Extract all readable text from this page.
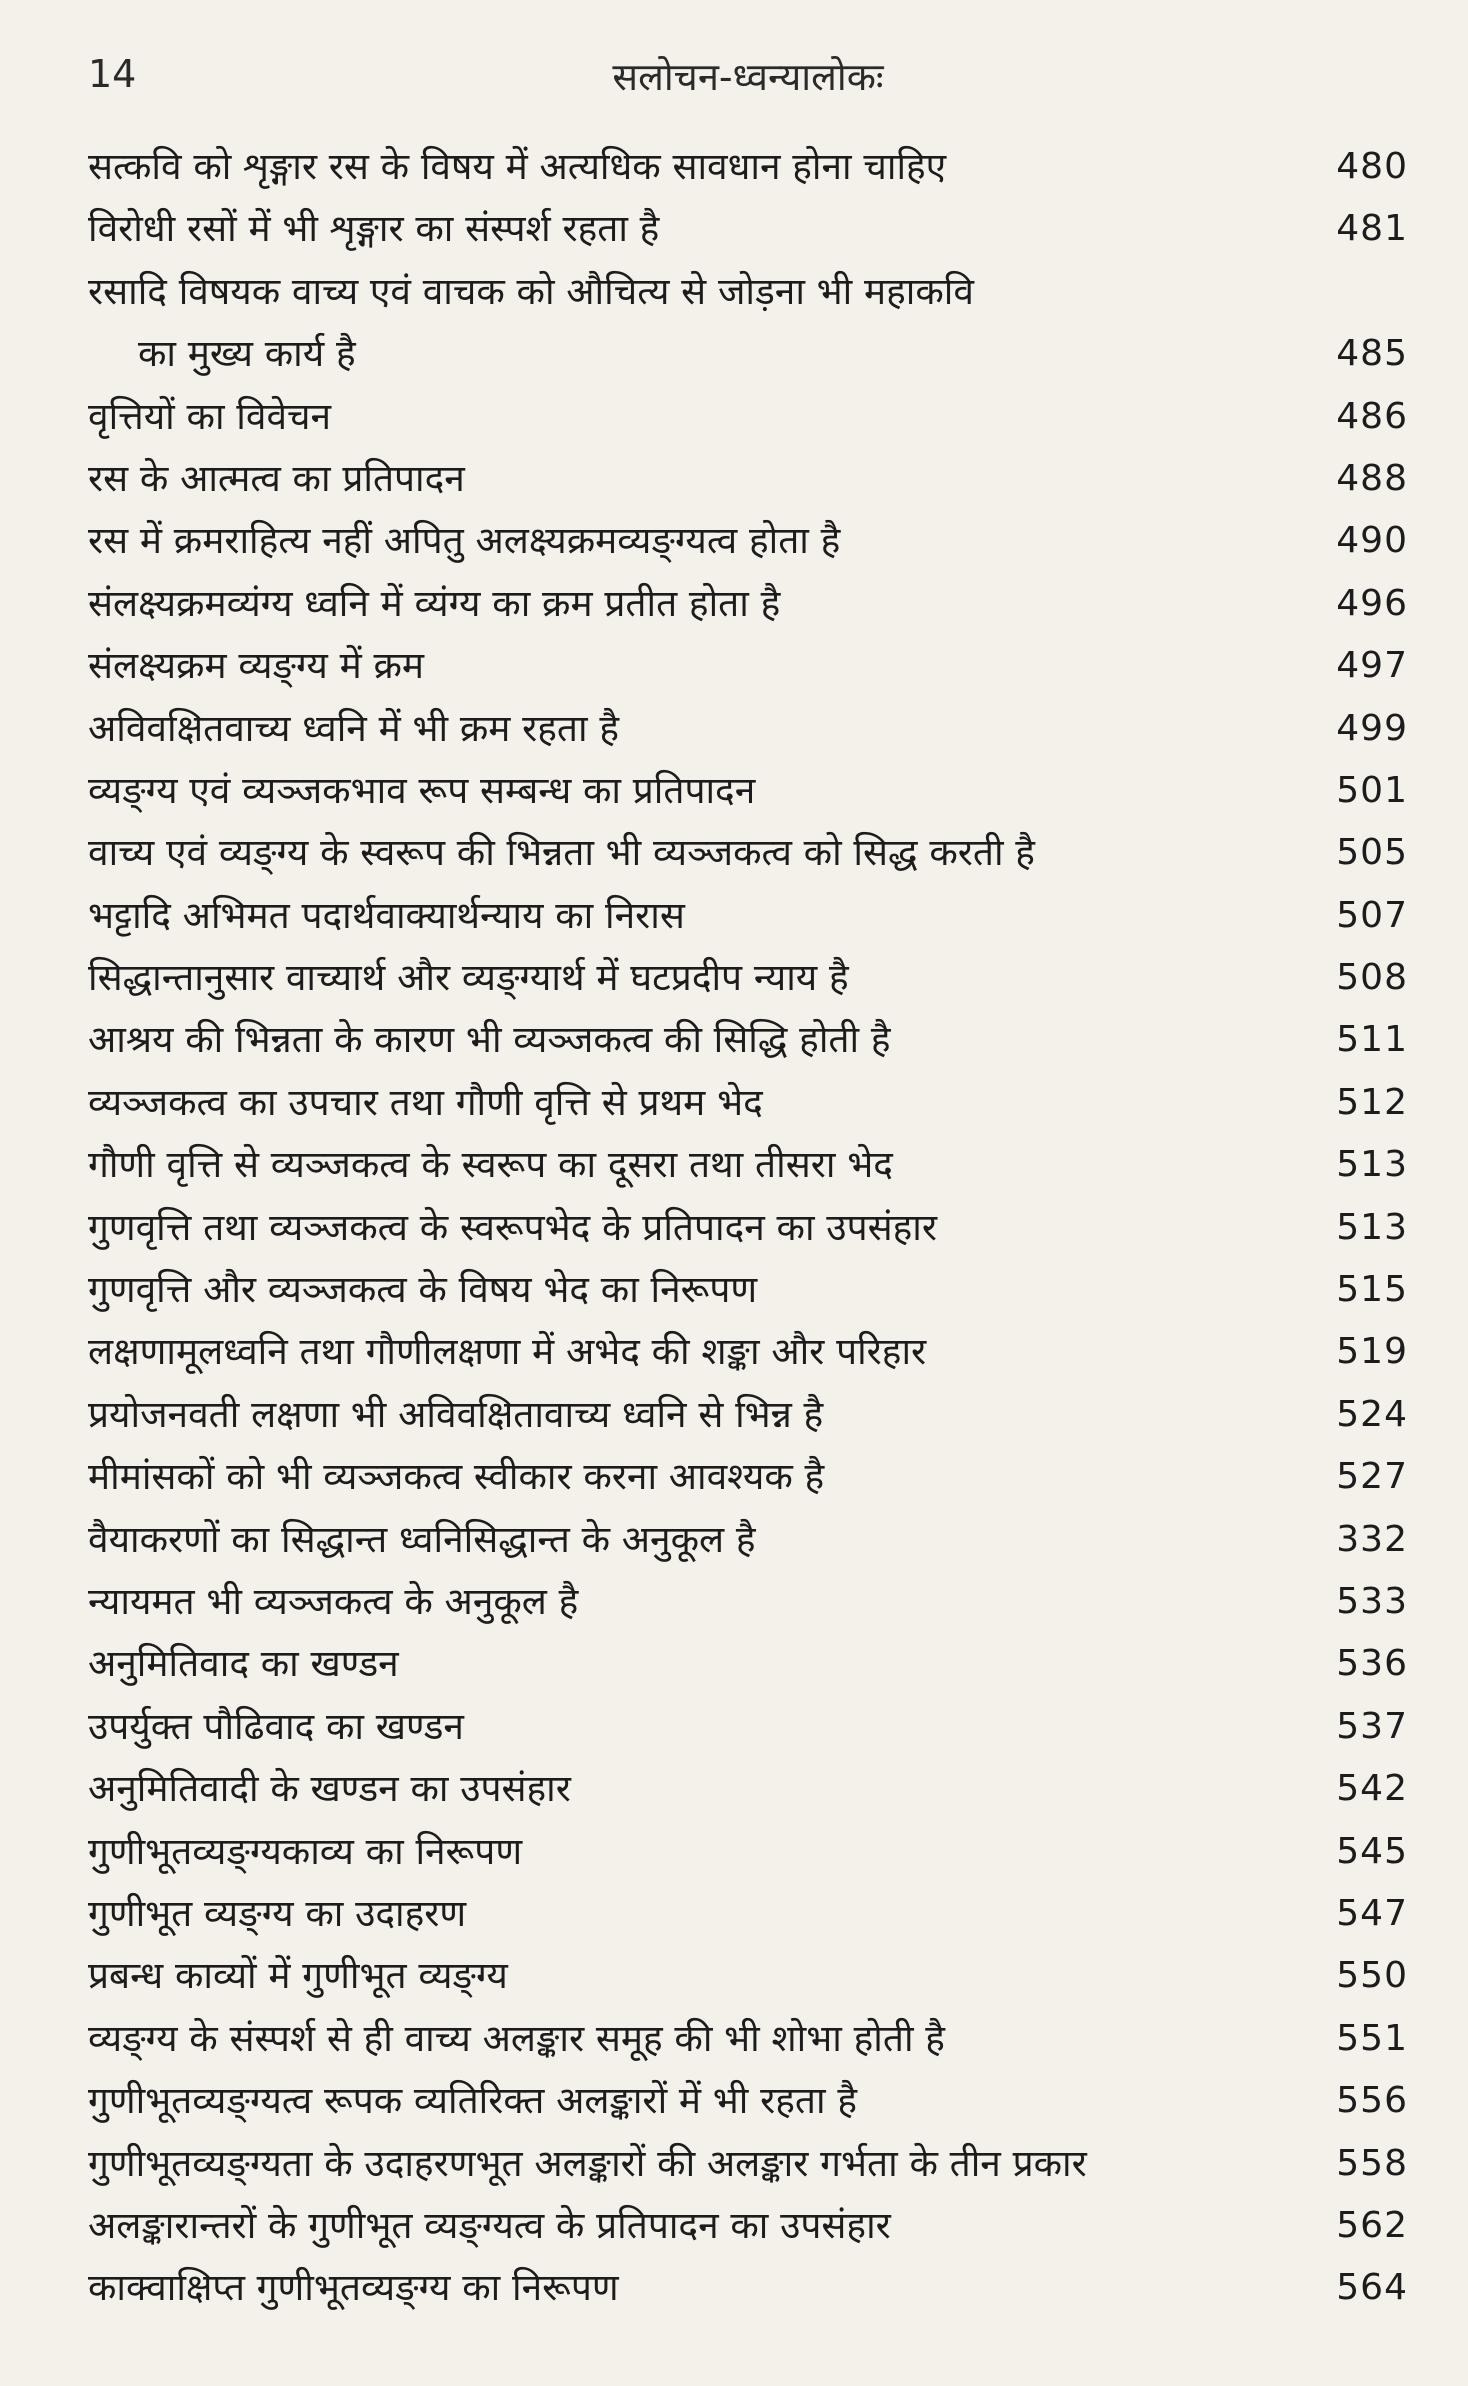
14	सलोचन-ध्वन्यालोकः
सत्कवि को शृङ्गार रस के विषय में अत्यधिक सावधान होना चाहिए	480
विरोधी रसों में भी शृङ्गार का संस्पर्श रहता है	481
रसादि विषयक वाच्य एवं वाचक को औचित्य से जोड़ना भी महाकवि
का मुख्य कार्य है	485
वृत्तियों का विवेचन	486
रस के आत्मत्व का प्रतिपादन	488
रस में क्रमराहित्य नहीं अपितु अलक्ष्यक्रमव्यङ्ग्यत्व होता है	490
संलक्ष्यक्रमव्यंग्य ध्वनि में व्यंग्य का क्रम प्रतीत होता है	496
संलक्ष्यक्रम व्यङ्ग्य में क्रम	497
अविवक्षितवाच्य ध्वनि में भी क्रम रहता है	499
व्यङ्ग्य एवं व्यञ्जकभाव रूप सम्बन्ध का प्रतिपादन	501
वाच्य एवं व्यङ्ग्य के स्वरूप की भिन्नता भी व्यञ्जकत्व को सिद्ध करती है	505
भट्टादि अभिमत पदार्थवाक्यार्थन्याय का निरास	507
सिद्धान्तानुसार वाच्यार्थ और व्यङ्ग्यार्थ में घटप्रदीप न्याय है	508
आश्रय की भिन्नता के कारण भी व्यञ्जकत्व की सिद्धि होती है	511
व्यञ्जकत्व का उपचार तथा गौणी वृत्ति से प्रथम भेद	512
गौणी वृत्ति से व्यञ्जकत्व के स्वरूप का दूसरा तथा तीसरा भेद	513
गुणवृत्ति तथा व्यञ्जकत्व के स्वरूपभेद के प्रतिपादन का उपसंहार	513
गुणवृत्ति और व्यञ्जकत्व के विषय भेद का निरूपण	515
लक्षणामूलध्वनि तथा गौणीलक्षणा में अभेद की शङ्का और परिहार	519
प्रयोजनवती लक्षणा भी अविवक्षितावाच्य ध्वनि से भिन्न है	524
मीमांसकों को भी व्यञ्जकत्व स्वीकार करना आवश्यक है	527
वैयाकरणों का सिद्धान्त ध्वनिसिद्धान्त के अनुकूल है	332
न्यायमत भी व्यञ्जकत्व के अनुकूल है	533
अनुमितिवाद का खण्डन	536
उपर्युक्त पौढिवाद का खण्डन	537
अनुमितिवादी के खण्डन का उपसंहार	542
गुणीभूतव्यङ्ग्यकाव्य का निरूपण	545
गुणीभूत व्यङ्ग्य का उदाहरण	547
प्रबन्ध काव्यों में गुणीभूत व्यङ्ग्य	550
व्यङ्ग्य के संस्पर्श से ही वाच्य अलङ्कार समूह की भी शोभा होती है	551
गुणीभूतव्यङ्ग्यत्व रूपक व्यतिरिक्त अलङ्कारों में भी रहता है	556
गुणीभूतव्यङ्ग्यता के उदाहरणभूत अलङ्कारों की अलङ्कार गर्भता के तीन प्रकार	558
अलङ्कारान्तरों के गुणीभूत व्यङ्ग्यत्व के प्रतिपादन का उपसंहार	562
काक्वाक्षिप्त गुणीभूतव्यङ्ग्य का निरूपण	564
